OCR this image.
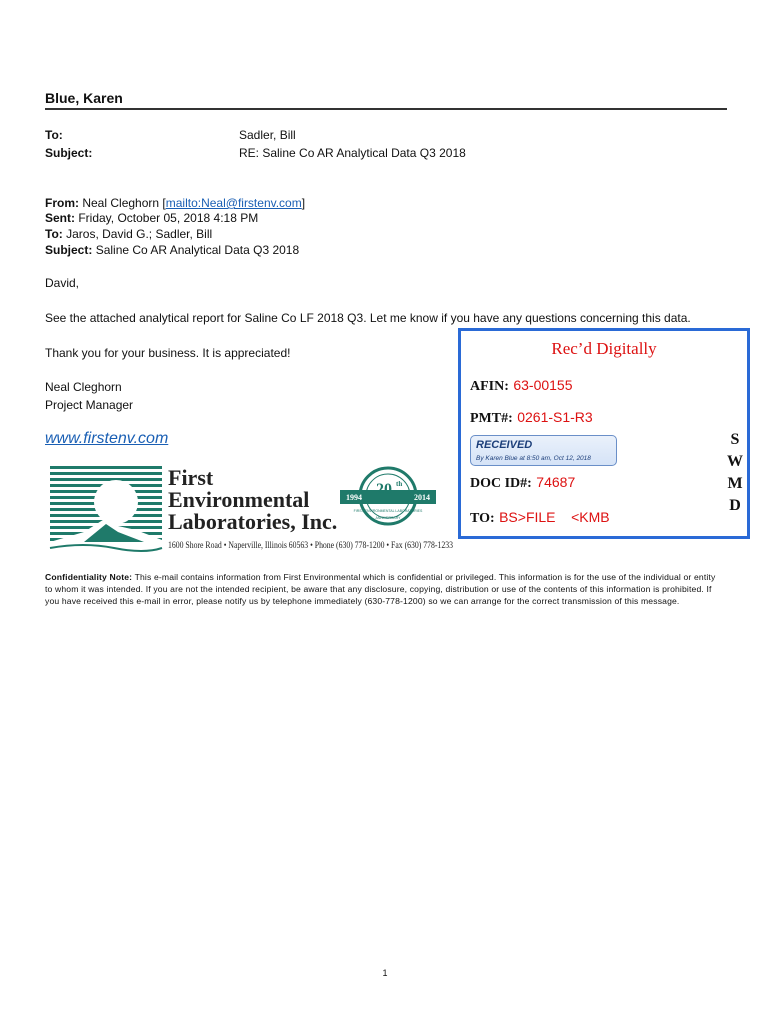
Blue, Karen
To:	Sadler, Bill
Subject:	RE: Saline Co AR Analytical Data Q3 2018
From: Neal Cleghorn [mailto:Neal@firstenv.com]
Sent: Friday, October 05, 2018 4:18 PM
To: Jaros, David G.; Sadler, Bill
Subject: Saline Co AR Analytical Data Q3 2018
David,
See the attached analytical report for Saline Co LF 2018 Q3. Let me know if you have any questions concerning this data.
Thank you for your business. It is appreciated!
Neal Cleghorn
Project Manager
www.firstenv.com
First
Environmental
Laboratories, Inc.
1994	2014
20 th
FIRST ENVIRONMENTAL LABORATORIES
ANNIVERSARY
1600 Shore Road • Naperville, Illinois 60563 • Phone (630) 778-1200 • Fax (630) 778-1233
Confidentiality Note: This e-mail contains information from First Environmental which is confidential or privileged. This information is for the use of the individual or entity to whom it was intended. If you are not the intended recipient, be aware that any disclosure, copying, distribution or use of the contents of this information is prohibited. If you have received this e-mail in error, please notify us by telephone immediately (630-778-1200) so we can arrange for the correct transmission of this message.
Rec’d Digitally
AFIN: 63-00155
PMT#: 0261-S1-R3
RECEIVED
By Karen Blue at 8:50 am, Oct 12, 2018
DOC ID#: 74687
TO: BS>FILE    <KMB
S
W
M
D
1
